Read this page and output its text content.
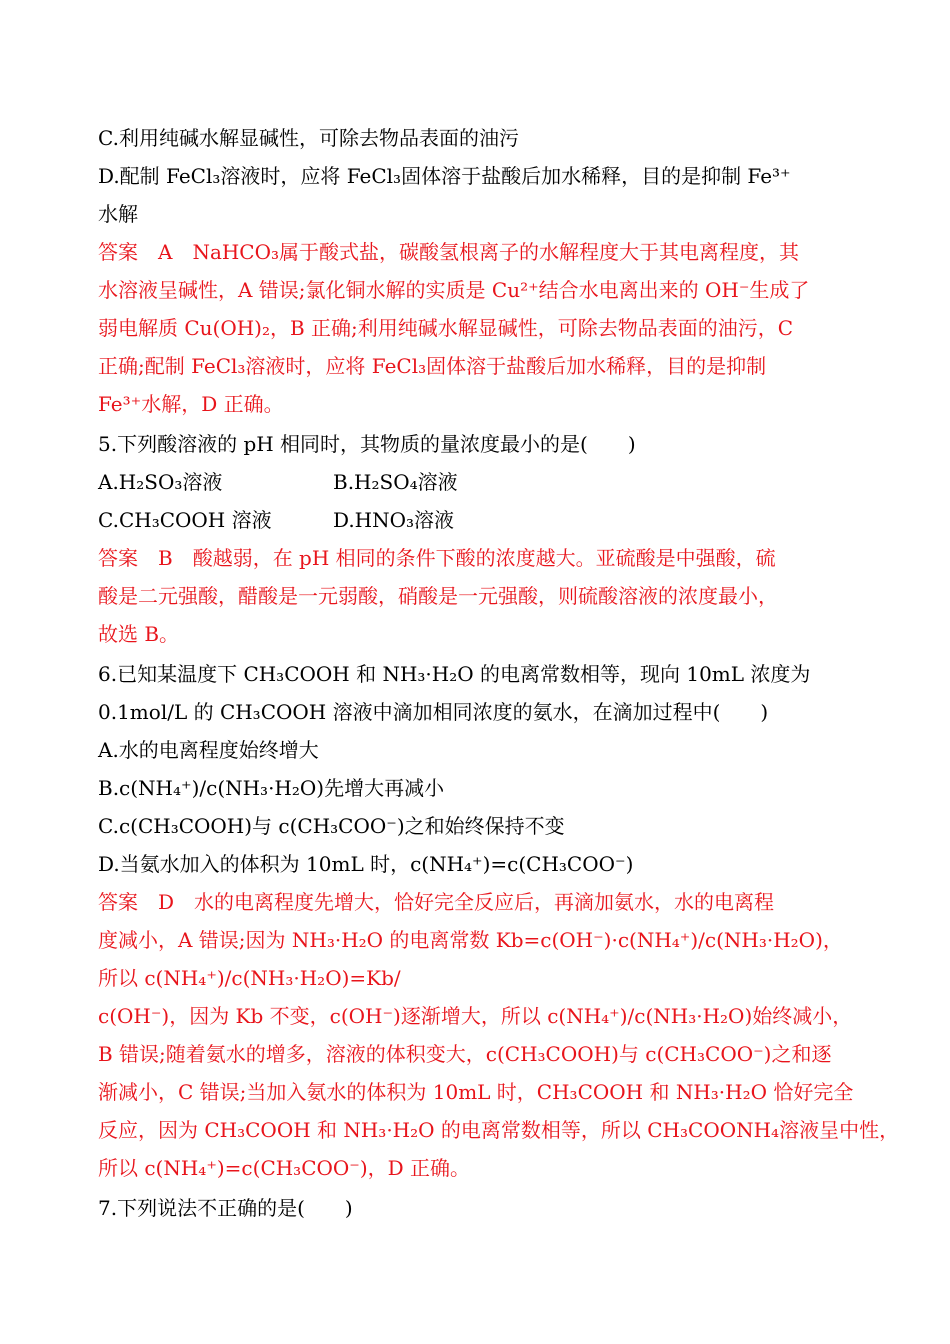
C.利用纯碱水解显碱性，可除去物品表面的油污
D.配制 FeCl₃溶液时，应将 FeCl₃固体溶于盐酸后加水稀释，目的是抑制 Fe³⁺
水解
答案　A　NaHCO₃属于酸式盐，碳酸氢根离子的水解程度大于其电离程度，其
水溶液呈碱性，A 错误;氯化铜水解的实质是 Cu²⁺结合水电离出来的 OH⁻生成了
弱电解质 Cu(OH)₂，B 正确;利用纯碱水解显碱性，可除去物品表面的油污，C
正确;配制 FeCl₃溶液时，应将 FeCl₃固体溶于盐酸后加水稀释，目的是抑制
Fe³⁺水解，D 正确。
5.下列酸溶液的 pH 相同时，其物质的量浓度最小的是(　　)
A.H₂SO₃溶液	B.H₂SO₄溶液
C.CH₃COOH 溶液	D.HNO₃溶液
答案　B　酸越弱，在 pH 相同的条件下酸的浓度越大。亚硫酸是中强酸，硫
酸是二元强酸，醋酸是一元弱酸，硝酸是一元强酸，则硫酸溶液的浓度最小，
故选 B。
6.已知某温度下 CH₃COOH 和 NH₃·H₂O 的电离常数相等，现向 10mL 浓度为
0.1mol/L 的 CH₃COOH 溶液中滴加相同浓度的氨水，在滴加过程中(　　)
A.水的电离程度始终增大
B.c(NH₄⁺)/c(NH₃·H₂O)先增大再减小
C.c(CH₃COOH)与 c(CH₃COO⁻)之和始终保持不变
D.当氨水加入的体积为 10mL 时，c(NH₄⁺)=c(CH₃COO⁻)
答案　D　水的电离程度先增大，恰好完全反应后，再滴加氨水，水的电离程
度减小，A 错误;因为 NH₃·H₂O 的电离常数 Kb=c(OH⁻)·c(NH₄⁺)/c(NH₃·H₂O)，
所以 c(NH₄⁺)/c(NH₃·H₂O)=Kb/
c(OH⁻)，因为 Kb 不变，c(OH⁻)逐渐增大，所以 c(NH₄⁺)/c(NH₃·H₂O)始终减小，
B 错误;随着氨水的增多，溶液的体积变大，c(CH₃COOH)与 c(CH₃COO⁻)之和逐
渐减小，C 错误;当加入氨水的体积为 10mL 时，CH₃COOH 和 NH₃·H₂O 恰好完全
反应，因为 CH₃COOH 和 NH₃·H₂O 的电离常数相等，所以 CH₃COONH₄溶液呈中性，
所以 c(NH₄⁺)=c(CH₃COO⁻)，D 正确。
7.下列说法不正确的是(　　)
